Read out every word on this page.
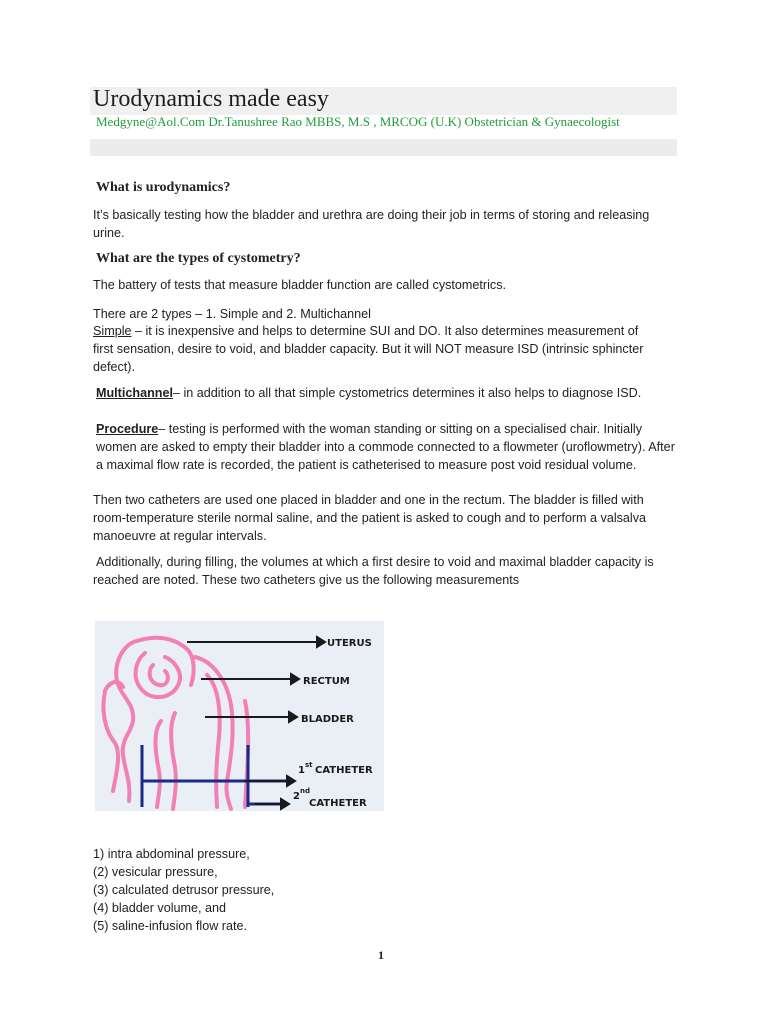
Urodynamics made easy
Medgyne@Aol.Com Dr.Tanushree Rao MBBS, M.S , MRCOG (U.K) Obstetrician & Gynaecologist
What is urodynamics?

It’s basically testing how the bladder and urethra are doing their job in terms of storing and releasing urine.

What are the types of cystometry?

The battery of tests that measure bladder function are called cystometrics.

There are 2 types – 1. Simple and 2. Multichannel

Simple – it is inexpensive and helps to determine SUI and DO. It also determines measurement of first sensation, desire to void, and bladder capacity. But it will NOT measure ISD (intrinsic sphincter defect).

Multichannel– in addition to all that simple cystometrics determines it also helps to diagnose ISD.

Procedure– testing is performed with the woman standing or sitting on a specialised chair. Initially women are asked to empty their bladder into a commode connected to a flowmeter (uroflowmetry). After a maximal flow rate is recorded, the patient is catheterised to measure post void residual volume.

Then two catheters are used one placed in bladder and one in the rectum. The bladder is filled with room-temperature sterile normal saline, and the patient is asked to cough and to perform a valsalva manoeuvre at regular intervals.

Additionally, during filling, the volumes at which a first desire to void and maximal bladder capacity is reached are noted. These two catheters give us the following measurements

UTERUS
RECTUM
BLADDER
1 st CATHETER
2 nd
CATHETER
1) intra abdominal pressure,
(2) vesicular pressure,
(3) calculated detrusor pressure,
(4) bladder volume, and
(5) saline-infusion flow rate.
1
